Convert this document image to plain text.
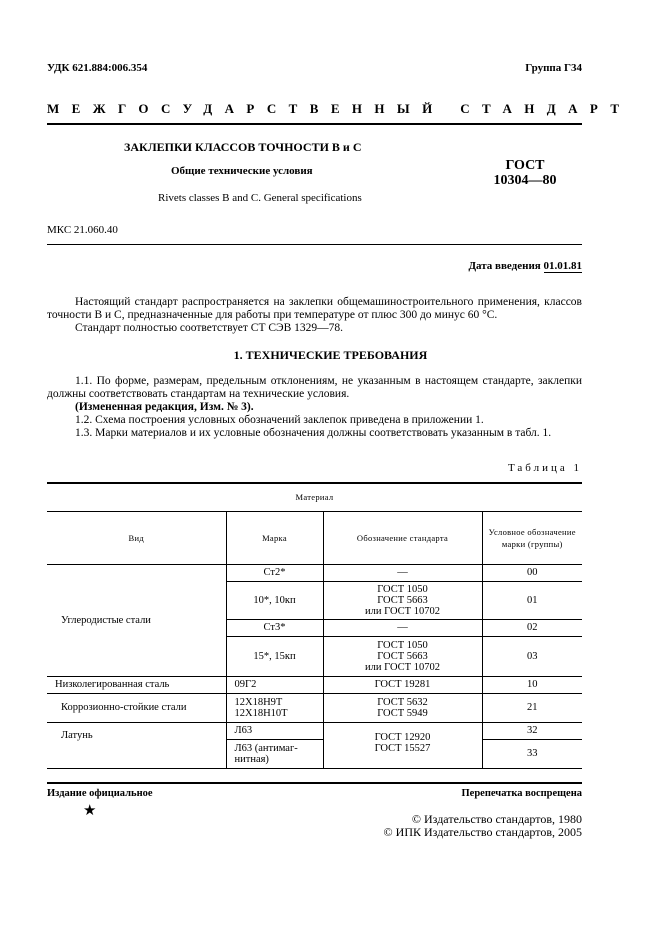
УДК 621.884:006.354	Группа Г34
МЕЖГОСУДАРСТВЕННЫЙ СТАНДАРТ
ЗАКЛЕПКИ КЛАССОВ ТОЧНОСТИ В и С
Общие технические условия
Rivets classes B and C. General specifications
ГОСТ
10304—80
МКС 21.060.40
Дата введения 01.01.81
Настоящий стандарт распространяется на заклепки общемашиностроительного применения, классов точности В и С, предназначенные для работы при температуре от плюс 300 до минус 60 °С.
Стандарт полностью соответствует СТ СЭВ 1329—78.
1. ТЕХНИЧЕСКИЕ ТРЕБОВАНИЯ
1.1. По форме, размерам, предельным отклонениям, не указанным в настоящем стандарте, заклепки должны соответствовать стандартам на технические условия.
(Измененная редакция, Изм. № 3).
1.2. Схема построения условных обозначений заклепок приведена в приложении 1.
1.3. Марки материалов и их условные обозначения должны соответствовать указанным в табл. 1.
Таблица 1
Материал			
Вид	Марка	Обозначение стандарта	Условное обозначение марки (группы)
Углеродистые стали	Ст2*	—	00
	10*, 10кп	ГОСТ 1050
ГОСТ 5663
или ГОСТ 10702	01
	Ст3*	—	02
	15*, 15кп	ГОСТ 1050
ГОСТ 5663
или ГОСТ 10702	03
Низколегированная сталь	09Г2	ГОСТ 19281	10
Коррозионно-стойкие стали	12Х18Н9Т
12Х18Н10Т	ГОСТ 5632
ГОСТ 5949	21
Латунь	Л63	ГОСТ 12920
ГОСТ 15527	32
	Л63 (антимаг-
нитная)		33
Издание официальное	Перепечатка воспрещена
★	© Издательство стандартов, 1980
© ИПК Издательство стандартов, 2005
